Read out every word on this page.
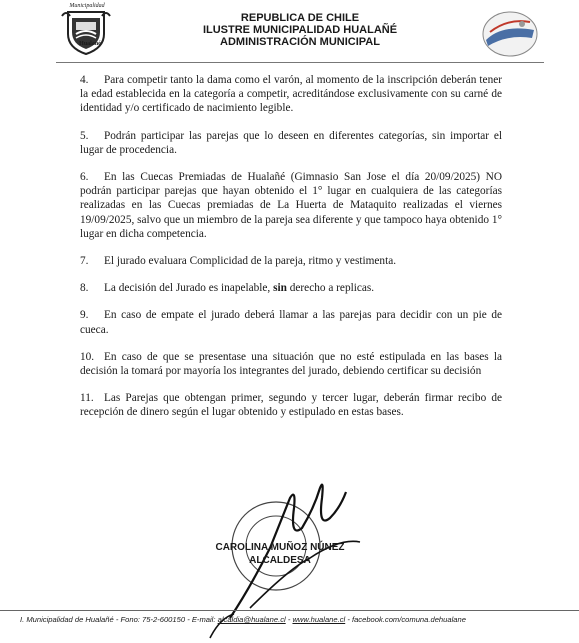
Municipalidad
Hualañé
REPUBLICA DE CHILE
ILUSTRE MUNICIPALIDAD HUALAÑÉ
ADMINISTRACIÓN MUNICIPAL

4. Para competir tanto la dama como el varón, al momento de la inscripción deberán tener la edad establecida en la categoría a competir, acreditándose exclusivamente con su carné de identidad y/o certificado de nacimiento legible.

5. Podrán participar las parejas que lo deseen en diferentes categorías, sin importar el lugar de procedencia.

6. En las Cuecas Premiadas de Hualañé (Gimnasio San Jose el día 20/09/2025) NO podrán participar parejas que hayan obtenido el 1° lugar en cualquiera de las categorías realizadas en las Cuecas premiadas de La Huerta de Mataquito realizadas el viernes 19/09/2025, salvo que un miembro de la pareja sea diferente y que tampoco haya obtenido 1° lugar en dicha competencia.

7. El jurado evaluara Complicidad de la pareja, ritmo y vestimenta.

8. La decisión del Jurado es inapelable, sin derecho a replicas.

9. En caso de empate el jurado deberá llamar a las parejas para decidir con un pie de cueca.

10. En caso de que se presentase una situación que no esté estipulada en las bases la decisión la tomará por mayoría los integrantes del jurado, debiendo certificar su decisión

11. Las Parejas que obtengan primer, segundo y tercer lugar, deberán firmar recibo de recepción de dinero según el lugar obtenido y estipulado en estas bases.

CAROLINA MUÑOZ NÚNEZ
ALCALDESA
I. Municipalidad de Hualañé - Fono: 75-2-600150 - E-mail: alcaldia@hualane.cl - www.hualane.cl - facebook.com/comuna.dehualane
